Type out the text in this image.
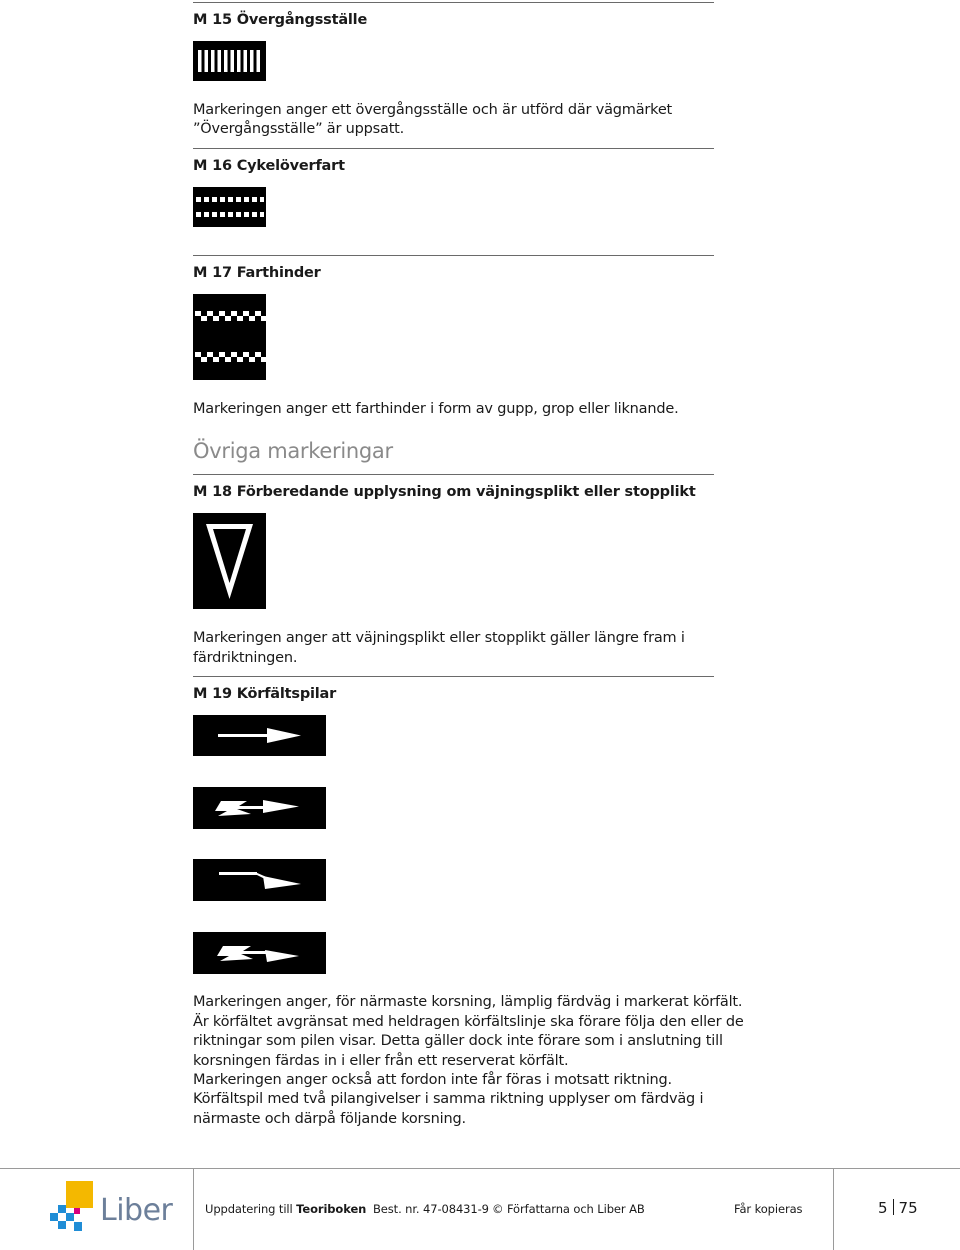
M 15 Övergångsställe
Markeringen anger ett övergångsställe och är utförd där vägmärket
”Övergångsställe” är uppsatt.
M 16 Cykelöverfart
M 17 Farthinder
Markeringen anger ett farthinder i form av gupp, grop eller liknande.
Övriga markeringar
M 18 Förberedande upplysning om väjningsplikt eller stopplikt
Markeringen anger att väjningsplikt eller stopplikt gäller längre fram i
färdriktningen.
M 19 Körfältspilar
Markeringen anger, för närmaste korsning, lämplig färdväg i markerat körfält.
Är körfältet avgränsat med heldragen körfältslinje ska förare följa den eller de
riktningar som pilen visar. Detta gäller dock inte förare som i anslutning till
korsningen färdas in i eller från ett reserverat körfält.
Markeringen anger också att fordon inte får föras i motsatt riktning.
Körfältspil med två pilangivelser i samma riktning upplyser om färdväg i
närmaste och därpå följande korsning.
Liber	Uppdatering till Teoriboken Best. nr. 47-08431-9 © Författarna och Liber AB	Får kopieras	5 75
